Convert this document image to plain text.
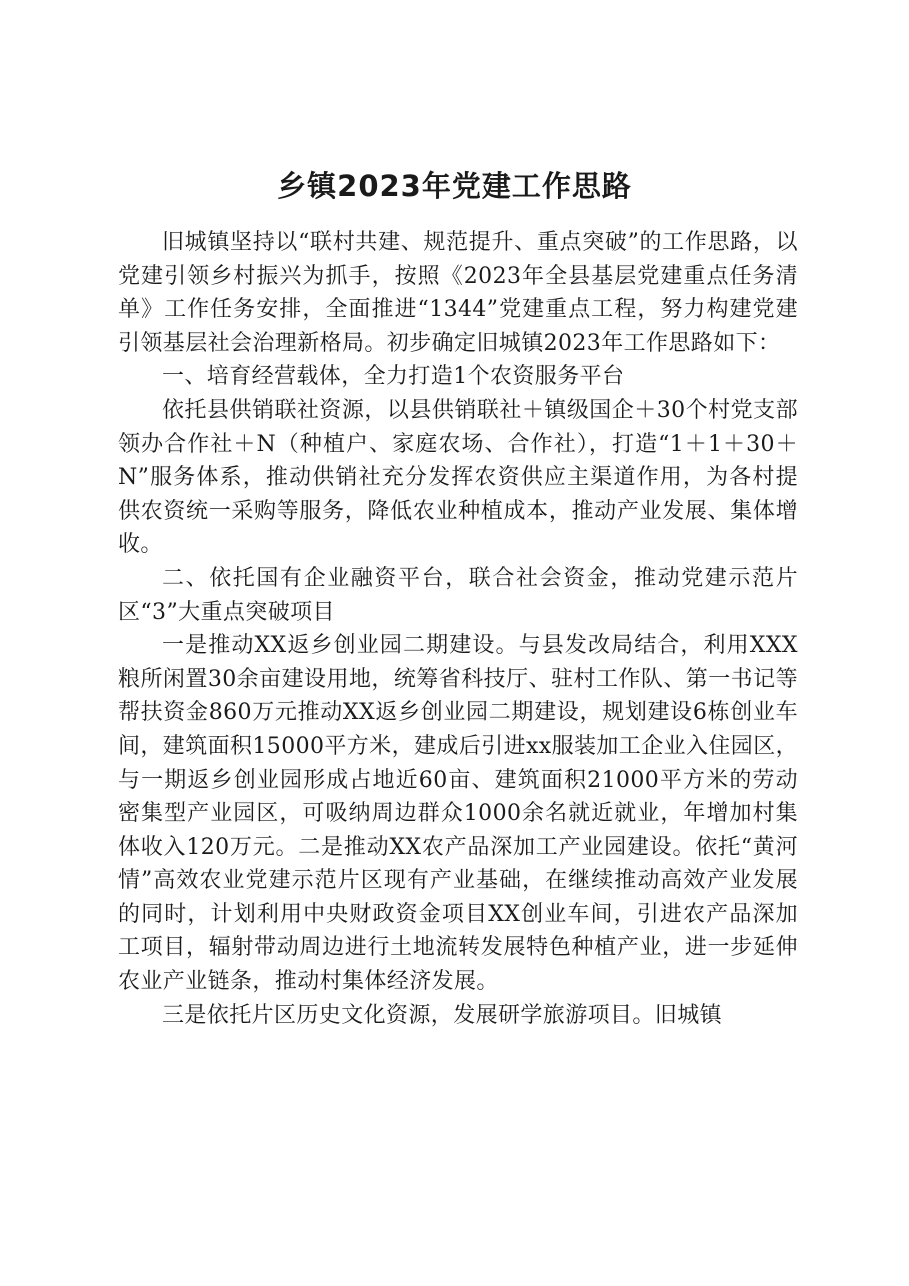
乡镇2023年党建工作思路

旧城镇坚持以“联村共建、规范提升、重点突破”的工作思路，以党建引领乡村振兴为抓手，按照《2023年全县基层党建重点任务清单》工作任务安排，全面推进“1344”党建重点工程，努力构建党建引领基层社会治理新格局。初步确定旧城镇2023年工作思路如下：

一、培育经营载体，全力打造1个农资服务平台

依托县供销联社资源，以县供销联社＋镇级国企＋30个村党支部领办合作社＋N（种植户、家庭农场、合作社），打造“1＋1＋30＋N”服务体系，推动供销社充分发挥农资供应主渠道作用，为各村提供农资统一采购等服务，降低农业种植成本，推动产业发展、集体增收。

二、依托国有企业融资平台，联合社会资金，推动党建示范片区“3”大重点突破项目

一是推动XX返乡创业园二期建设。与县发改局结合，利用XXX粮所闲置30余亩建设用地，统筹省科技厅、驻村工作队、第一书记等帮扶资金860万元推动XX返乡创业园二期建设，规划建设6栋创业车间，建筑面积15000平方米，建成后引进xx服装加工企业入住园区，与一期返乡创业园形成占地近60亩、建筑面积21000平方米的劳动密集型产业园区，可吸纳周边群众1000余名就近就业，年增加村集体收入120万元。二是推动XX农产品深加工产业园建设。依托“黄河情”高效农业党建示范片区现有产业基础，在继续推动高效产业发展的同时，计划利用中央财政资金项目XX创业车间，引进农产品深加工项目，辐射带动周边进行土地流转发展特色种植产业，进一步延伸农业产业链条，推动村集体经济发展。

三是依托片区历史文化资源，发展研学旅游项目。旧城镇
